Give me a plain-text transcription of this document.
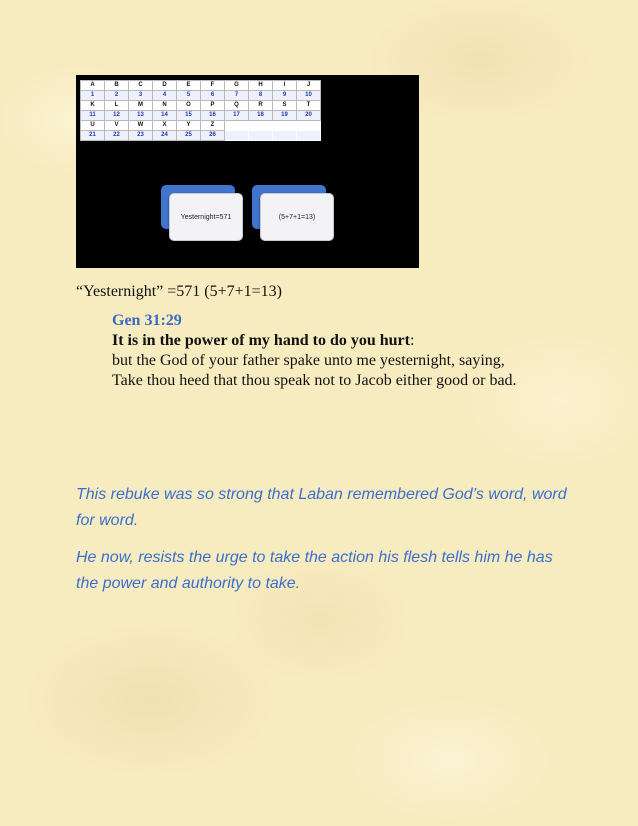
A	B	C	D	E	F	G	H	I	J
1	2	3	4	5	6	7	8	9	10
K	L	M	N	O	P	Q	R	S	T
11	12	13	14	15	16	17	18	19	20
U	V	W	X	Y	Z				
21	22	23	24	25	26				
Yesternight=571	(5+7+1=13)
“Yesternight” =571 (5+7+1=13)
Gen 31:29
It is in the power of my hand to do you hurt:
but the God of your father spake unto me yesternight, saying,
Take thou heed that thou speak not to Jacob either good or bad.
This rebuke was so strong that Laban remembered God’s word, word for word.
He now, resists the urge to take the action his flesh tells him he has the power and authority to take.
